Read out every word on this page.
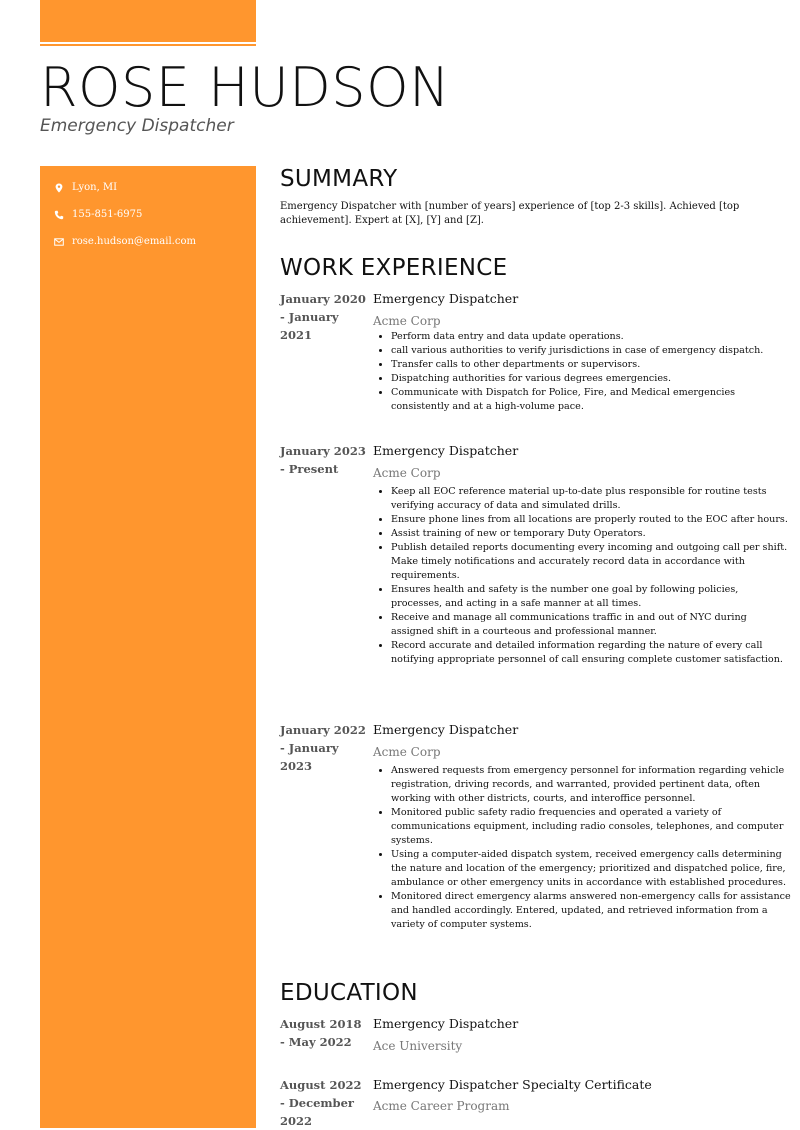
ROSE HUDSON
Emergency Dispatcher
Lyon, MI
155-851-6975
rose.hudson@email.com
SUMMARY
Emergency Dispatcher with [number of years] experience of [top 2-3 skills]. Achieved [top achievement]. Expert at [X], [Y] and [Z].
WORK EXPERIENCE
January 2020 - January 2021
Emergency Dispatcher
Acme Corp
• Perform data entry and data update operations.
• call various authorities to verify jurisdictions in case of emergency dispatch.
• Transfer calls to other departments or supervisors.
• Dispatching authorities for various degrees emergencies.
• Communicate with Dispatch for Police, Fire, and Medical emergencies consistently and at a high-volume pace.
January 2023 - Present
Emergency Dispatcher
Acme Corp
• Keep all EOC reference material up-to-date plus responsible for routine tests verifying accuracy of data and simulated drills.
• Ensure phone lines from all locations are properly routed to the EOC after hours.
• Assist training of new or temporary Duty Operators.
• Publish detailed reports documenting every incoming and outgoing call per shift. Make timely notifications and accurately record data in accordance with requirements.
• Ensures health and safety is the number one goal by following policies, processes, and acting in a safe manner at all times.
• Receive and manage all communications traffic in and out of NYC during assigned shift in a courteous and professional manner.
• Record accurate and detailed information regarding the nature of every call notifying appropriate personnel of call ensuring complete customer satisfaction.
January 2022 - January 2023
Emergency Dispatcher
Acme Corp
• Answered requests from emergency personnel for information regarding vehicle registration, driving records, and warranted, provided pertinent data, often working with other districts, courts, and interoffice personnel.
• Monitored public safety radio frequencies and operated a variety of communications equipment, including radio consoles, telephones, and computer systems.
• Using a computer-aided dispatch system, received emergency calls determining the nature and location of the emergency; prioritized and dispatched police, fire, ambulance or other emergency units in accordance with established procedures.
• Monitored direct emergency alarms answered non-emergency calls for assistance and handled accordingly. Entered, updated, and retrieved information from a variety of computer systems.
EDUCATION
August 2018 - May 2022
Emergency Dispatcher
Ace University
August 2022 - December 2022
Emergency Dispatcher Specialty Certificate
Acme Career Program
